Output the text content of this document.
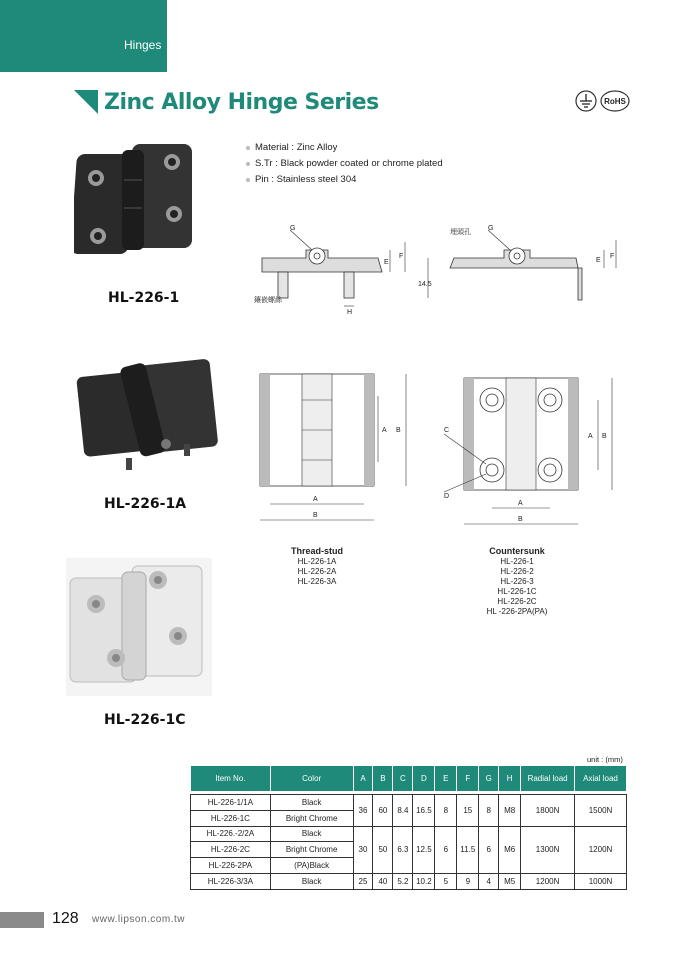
Hinges
Zinc Alloy Hinge Series	RoHS
Material : Zinc Alloy
S.Tr : Black powder coated or chrome plated
Pin : Stainless steel 304
HL-226-1
HL-226-1A
HL-226-1C
G
E
F
14.5
H
鑲嵌螺絲
G
埋頭孔
E
F
A B
A
B
C
D
A B
A
B
Thread-stud
HL-226-1A
HL-226-2A
HL-226-3A
Countersunk
HL-226-1
HL-226-2
HL-226-3
HL-226-1C
HL-226-2C
HL -226-2PA(PA)
unit : (mm)
Item No.	Color	A	B	C	D	E	F	G	H	Radial load	Axial load

HL-226-1/1A	Black	36	60	8.4	16.5	8	15	8	M8	1800N	1500N
HL-226-1C	Bright Chrome										
HL-226.-2/2A	Black	30	50	6.3	12.5	6	11.5	6	M6	1300N	1200N
HL-226-2C	Bright Chrome										
HL-226-2PA	(PA)Black										
HL-226-3/3A	Black	25	40	5.2	10.2	5	9	4	M5	1200N	1000N
128 www.lipson.com.tw
